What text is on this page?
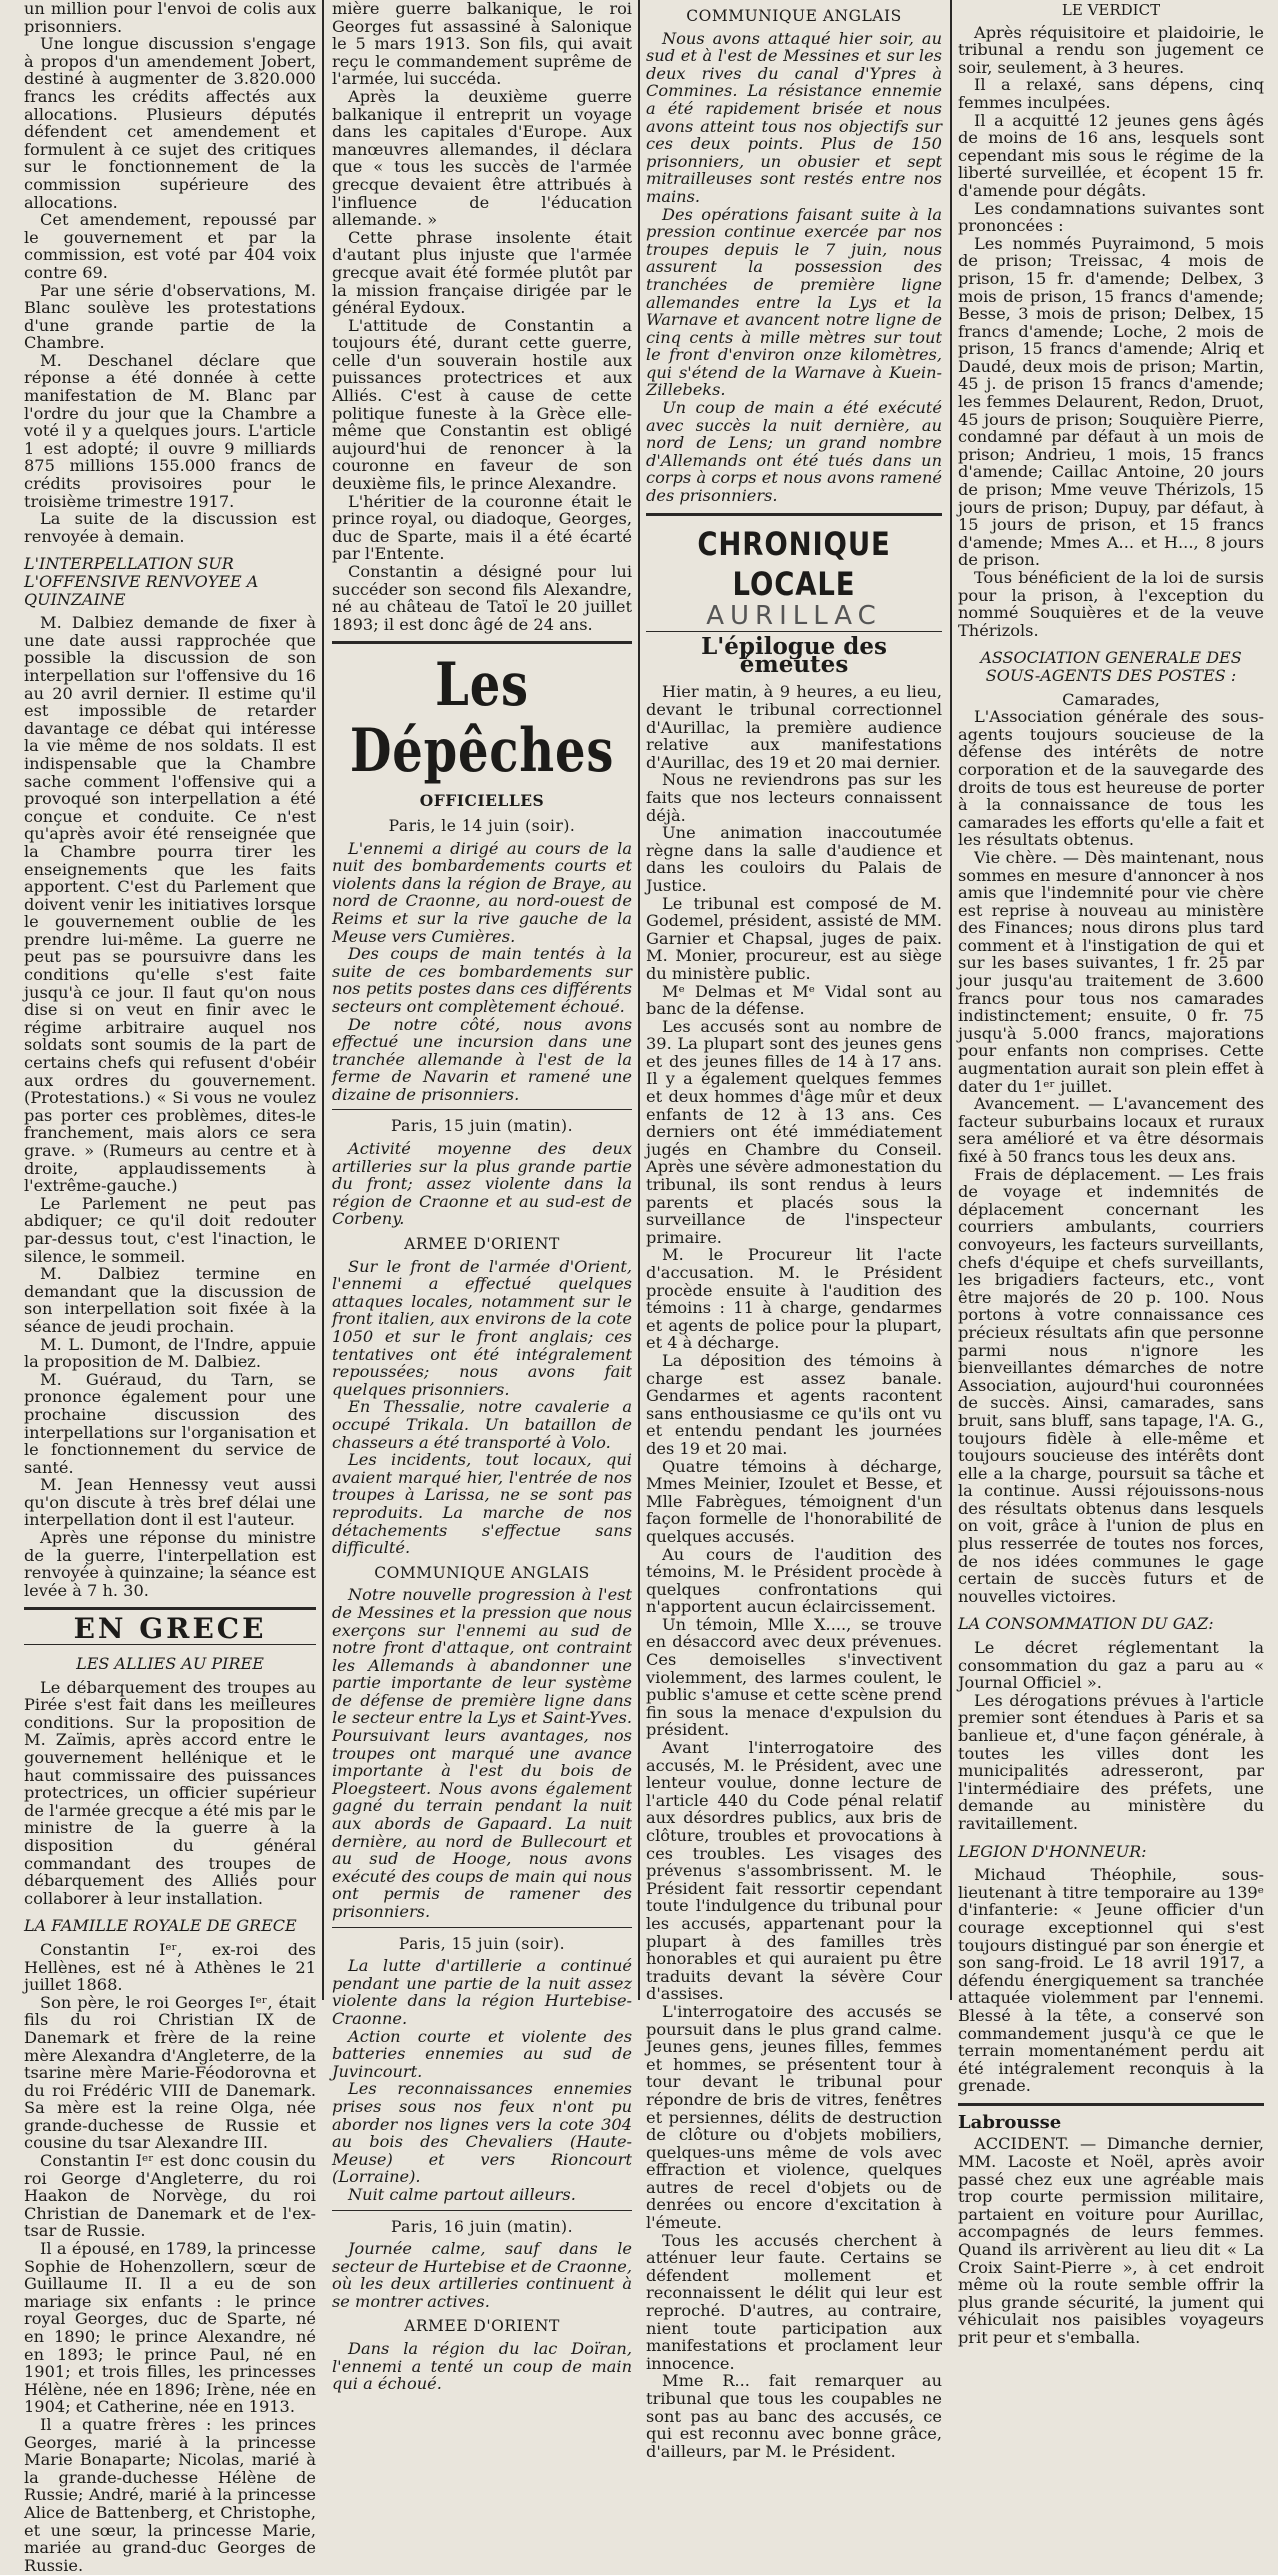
un million pour l'envoi de colis aux prisonniers.

Une longue discussion s'engage à propos d'un amendement Jobert, destiné à augmenter de 3.820.000 francs les crédits affectés aux allocations. Plusieurs députés défendent cet amendement et formulent à ce sujet des critiques sur le fonctionnement de la commission supérieure des allocations.

Cet amendement, repoussé par le gouvernement et par la commission, est voté par 404 voix contre 69.

Par une série d'observations, M. Blanc soulève les protestations d'une grande partie de la Chambre.

M. Deschanel déclare que réponse a été donnée à cette manifestation de M. Blanc par l'ordre du jour que la Chambre a voté il y a quelques jours. L'article 1 est adopté; il ouvre 9 milliards 875 millions 155.000 francs de crédits provisoires pour le troisième trimestre 1917.

La suite de la discussion est renvoyée à demain.

L'INTERPELLATION SUR L'OFFENSIVE RENVOYEE A QUINZAINE

M. Dalbiez demande de fixer à une date aussi rapprochée que possible la discussion de son interpellation sur l'offensive du 16 au 20 avril dernier. Il estime qu'il est impossible de retarder davantage ce débat qui intéresse la vie même de nos soldats. Il est indispensable que la Chambre sache comment l'offensive qui a provoqué son interpellation a été conçue et conduite. Ce n'est qu'après avoir été renseignée que la Chambre pourra tirer les enseignements que les faits apportent. C'est du Parlement que doivent venir les initiatives lorsque le gouvernement oublie de les prendre lui-même. La guerre ne peut pas se poursuivre dans les conditions qu'elle s'est faite jusqu'à ce jour. Il faut qu'on nous dise si on veut en finir avec le régime arbitraire auquel nos soldats sont soumis de la part de certains chefs qui refusent d'obéir aux ordres du gouvernement. (Protestations.) « Si vous ne voulez pas porter ces problèmes, dites-le franchement, mais alors ce sera grave. » (Rumeurs au centre et à droite, applaudissements à l'extrême-gauche.)

Le Parlement ne peut pas abdiquer; ce qu'il doit redouter par-dessus tout, c'est l'inaction, le silence, le sommeil.

M. Dalbiez termine en demandant que la discussion de son interpellation soit fixée à la séance de jeudi prochain.

M. L. Dumont, de l'Indre, appuie la proposition de M. Dalbiez.

M. Guéraud, du Tarn, se prononce également pour une prochaine discussion des interpellations sur l'organisation et le fonctionnement du service de santé.

M. Jean Hennessy veut aussi qu'on discute à très bref délai une interpellation dont il est l'auteur.

Après une réponse du ministre de la guerre, l'interpellation est renvoyée à quinzaine; la séance est levée à 7 h. 30.

EN GRECE
LES ALLIES AU PIREE

Le débarquement des troupes au Pirée s'est fait dans les meilleures conditions. Sur la proposition de M. Zaïmis, après accord entre le gouvernement hellénique et le haut commissaire des puissances protectrices, un officier supérieur de l'armée grecque a été mis par le ministre de la guerre à la disposition du général commandant des troupes de débarquement des Alliés pour collaborer à leur installation.

LA FAMILLE ROYALE DE GRECE

Constantin Iᵉʳ, ex-roi des Hellènes, est né à Athènes le 21 juillet 1868.

Son père, le roi Georges Iᵉʳ, était fils du roi Christian IX de Danemark et frère de la reine mère Alexandra d'Angleterre, de la tsarine mère Marie-Féodorovna et du roi Frédéric VIII de Danemark. Sa mère est la reine Olga, née grande-duchesse de Russie et cousine du tsar Alexandre III.

Constantin Iᵉʳ est donc cousin du roi George d'Angleterre, du roi Haakon de Norvège, du roi Christian de Danemark et de l'ex-tsar de Russie.

Il a épousé, en 1789, la princesse Sophie de Hohenzollern, sœur de Guillaume II. Il a eu de son mariage six enfants : le prince royal Georges, duc de Sparte, né en 1890; le prince Alexandre, né en 1893; le prince Paul, né en 1901; et trois filles, les princesses Hélène, née en 1896; Irène, née en 1904; et Catherine, née en 1913.

Il a quatre frères : les princes Georges, marié à la princesse Marie Bonaparte; Nicolas, marié à la grande-duchesse Hélène de Russie; André, marié à la princesse Alice de Battenberg, et Christophe, et une sœur, la princesse Marie, mariée au grand-duc Georges de Russie.

mière guerre balkanique, le roi Georges fut assassiné à Salonique le 5 mars 1913. Son fils, qui avait reçu le commandement suprême de l'armée, lui succéda.

Après la deuxième guerre balkanique il entreprit un voyage dans les capitales d'Europe. Aux manœuvres allemandes, il déclara que « tous les succès de l'armée grecque devaient être attribués à l'influence de l'éducation allemande. »

Cette phrase insolente était d'autant plus injuste que l'armée grecque avait été formée plutôt par la mission française dirigée par le général Eydoux.

L'attitude de Constantin a toujours été, durant cette guerre, celle d'un souverain hostile aux puissances protectrices et aux Alliés. C'est à cause de cette politique funeste à la Grèce elle-même que Constantin est obligé aujourd'hui de renoncer à la couronne en faveur de son deuxième fils, le prince Alexandre.

L'héritier de la couronne était le prince royal, ou diadoque, Georges, duc de Sparte, mais il a été écarté par l'Entente.

Constantin a désigné pour lui succéder son second fils Alexandre, né au château de Tatoï le 20 juillet 1893; il est donc âgé de 24 ans.

Les Dépêches
OFFICIELLES
Paris, le 14 juin (soir).

L'ennemi a dirigé au cours de la nuit des bombardements courts et violents dans la région de Braye, au nord de Craonne, au nord-ouest de Reims et sur la rive gauche de la Meuse vers Cumières.

Des coups de main tentés à la suite de ces bombardements sur nos petits postes dans ces différents secteurs ont complètement échoué.

De notre côté, nous avons effectué une incursion dans une tranchée allemande à l'est de la ferme de Navarin et ramené une dizaine de prisonniers.

Paris, 15 juin (matin).

Activité moyenne des deux artilleries sur la plus grande partie du front; assez violente dans la région de Craonne et au sud-est de Corbeny.

ARMEE D'ORIENT

Sur le front de l'armée d'Orient, l'ennemi a effectué quelques attaques locales, notamment sur le front italien, aux environs de la cote 1050 et sur le front anglais; ces tentatives ont été intégralement repoussées; nous avons fait quelques prisonniers.

En Thessalie, notre cavalerie a occupé Trikala. Un bataillon de chasseurs a été transporté à Volo.

Les incidents, tout locaux, qui avaient marqué hier, l'entrée de nos troupes à Larissa, ne se sont pas reproduits. La marche de nos détachements s'effectue sans difficulté.

COMMUNIQUE ANGLAIS

Notre nouvelle progression à l'est de Messines et la pression que nous exerçons sur l'ennemi au sud de notre front d'attaque, ont contraint les Allemands à abandonner une partie importante de leur système de défense de première ligne dans le secteur entre la Lys et Saint-Yves. Poursuivant leurs avantages, nos troupes ont marqué une avance importante à l'est du bois de Ploegsteert. Nous avons également gagné du terrain pendant la nuit aux abords de Gapaard. La nuit dernière, au nord de Bullecourt et au sud de Hooge, nous avons exécuté des coups de main qui nous ont permis de ramener des prisonniers.

Paris, 15 juin (soir).

La lutte d'artillerie a continué pendant une partie de la nuit assez violente dans la région Hurtebise-Craonne.

Action courte et violente des batteries ennemies au sud de Juvincourt.

Les reconnaissances ennemies prises sous nos feux n'ont pu aborder nos lignes vers la cote 304 au bois des Chevaliers (Haute-Meuse) et vers Rioncourt (Lorraine).

Nuit calme partout ailleurs.

Paris, 16 juin (matin).

Journée calme, sauf dans le secteur de Hurtebise et de Craonne, où les deux artilleries continuent à se montrer actives.

ARMEE D'ORIENT

Dans la région du lac Doïran, l'ennemi a tenté un coup de main qui a échoué.

COMMUNIQUE ANGLAIS

Nous avons attaqué hier soir, au sud et à l'est de Messines et sur les deux rives du canal d'Ypres à Commines. La résistance ennemie a été rapidement brisée et nous avons atteint tous nos objectifs sur ces deux points. Plus de 150 prisonniers, un obusier et sept mitrailleuses sont restés entre nos mains.

Des opérations faisant suite à la pression continue exercée par nos troupes depuis le 7 juin, nous assurent la possession des tranchées de première ligne allemandes entre la Lys et la Warnave et avancent notre ligne de cinq cents à mille mètres sur tout le front d'environ onze kilomètres, qui s'étend de la Warnave à Kuein-Zillebeks.

Un coup de main a été exécuté avec succès la nuit dernière, au nord de Lens; un grand nombre d'Allemands ont été tués dans un corps à corps et nous avons ramené des prisonniers.

CHRONIQUE LOCALE
AURILLAC
L'épilogue des émeutes

Hier matin, à 9 heures, a eu lieu, devant le tribunal correctionnel d'Aurillac, la première audience relative aux manifestations d'Aurillac, des 19 et 20 mai dernier.

Nous ne reviendrons pas sur les faits que nos lecteurs connaissent déjà.

Une animation inaccoutumée règne dans la salle d'audience et dans les couloirs du Palais de Justice.

Le tribunal est composé de M. Godemel, président, assisté de MM. Garnier et Chapsal, juges de paix. M. Monier, procureur, est au siège du ministère public.

Mᵉ Delmas et Mᵉ Vidal sont au banc de la défense.

Les accusés sont au nombre de 39. La plupart sont des jeunes gens et des jeunes filles de 14 à 17 ans. Il y a également quelques femmes et deux hommes d'âge mûr et deux enfants de 12 à 13 ans. Ces derniers ont été immédiatement jugés en Chambre du Conseil. Après une sévère admonestation du tribunal, ils sont rendus à leurs parents et placés sous la surveillance de l'inspecteur primaire.

M. le Procureur lit l'acte d'accusation. M. le Président procède ensuite à l'audition des témoins : 11 à charge, gendarmes et agents de police pour la plupart, et 4 à décharge.

La déposition des témoins à charge est assez banale. Gendarmes et agents racontent sans enthousiasme ce qu'ils ont vu et entendu pendant les journées des 19 et 20 mai.

Quatre témoins à décharge, Mmes Meinier, Izoulet et Besse, et Mlle Fabrègues, témoignent d'un façon formelle de l'honorabilité de quelques accusés.

Au cours de l'audition des témoins, M. le Président procède à quelques confrontations qui n'apportent aucun éclaircissement.

Un témoin, Mlle X...., se trouve en désaccord avec deux prévenues. Ces demoiselles s'invectivent violemment, des larmes coulent, le public s'amuse et cette scène prend fin sous la menace d'expulsion du président.

Avant l'interrogatoire des accusés, M. le Président, avec une lenteur voulue, donne lecture de l'article 440 du Code pénal relatif aux désordres publics, aux bris de clôture, troubles et provocations à ces troubles. Les visages des prévenus s'assombrissent. M. le Président fait ressortir cependant toute l'indulgence du tribunal pour les accusés, appartenant pour la plupart à des familles très honorables et qui auraient pu être traduits devant la sévère Cour d'assises.

L'interrogatoire des accusés se poursuit dans le plus grand calme. Jeunes gens, jeunes filles, femmes et hommes, se présentent tour à tour devant le tribunal pour répondre de bris de vitres, fenêtres et persiennes, délits de destruction de clôture ou d'objets mobiliers, quelques-uns même de vols avec effraction et violence, quelques autres de recel d'objets ou de denrées ou encore d'excitation à l'émeute.

Tous les accusés cherchent à atténuer leur faute. Certains se défendent mollement et reconnaissent le délit qui leur est reproché. D'autres, au contraire, nient toute participation aux manifestations et proclament leur innocence.

Mme R... fait remarquer au tribunal que tous les coupables ne sont pas au banc des accusés, ce qui est reconnu avec bonne grâce, d'ailleurs, par M. le Président.

LE VERDICT

Après réquisitoire et plaidoirie, le tribunal a rendu son jugement ce soir, seulement, à 3 heures.

Il a relaxé, sans dépens, cinq femmes inculpées.

Il a acquitté 12 jeunes gens âgés de moins de 16 ans, lesquels sont cependant mis sous le régime de la liberté surveillée, et écopent 15 fr. d'amende pour dégâts.

Les condamnations suivantes sont prononcées :

Les nommés Puyraimond, 5 mois de prison; Treissac, 4 mois de prison, 15 fr. d'amende; Delbex, 3 mois de prison, 15 francs d'amende; Besse, 3 mois de prison; Delbex, 15 francs d'amende; Loche, 2 mois de prison, 15 francs d'amende; Alriq et Daudé, deux mois de prison; Martin, 45 j. de prison 15 francs d'amende; les femmes Delaurent, Redon, Druot, 45 jours de prison; Souquière Pierre, condamné par défaut à un mois de prison; Andrieu, 1 mois, 15 francs d'amende; Caillac Antoine, 20 jours de prison; Mme veuve Thérizols, 15 jours de prison; Dupuy, par défaut, à 15 jours de prison, et 15 francs d'amende; Mmes A... et H..., 8 jours de prison.

Tous bénéficient de la loi de sursis pour la prison, à l'exception du nommé Souquières et de la veuve Thérizols.

ASSOCIATION GENERALE DES SOUS-AGENTS DES POSTES :
Camarades,

L'Association générale des sous-agents toujours soucieuse de la défense des intérêts de notre corporation et de la sauvegarde des droits de tous est heureuse de porter à la connaissance de tous les camarades les efforts qu'elle a fait et les résultats obtenus.

Vie chère. — Dès maintenant, nous sommes en mesure d'annoncer à nos amis que l'indemnité pour vie chère est reprise à nouveau au ministère des Finances; nous dirons plus tard comment et à l'instigation de qui et sur les bases suivantes, 1 fr. 25 par jour jusqu'au traitement de 3.600 francs pour tous nos camarades indistinctement; ensuite, 0 fr. 75 jusqu'à 5.000 francs, majorations pour enfants non comprises. Cette augmentation aurait son plein effet à dater du 1ᵉʳ juillet.

Avancement. — L'avancement des facteur suburbains locaux et ruraux sera amélioré et va être désormais fixé à 50 francs tous les deux ans.

Frais de déplacement. — Les frais de voyage et indemnités de déplacement concernant les courriers ambulants, courriers convoyeurs, les facteurs surveillants, chefs d'équipe et chefs surveillants, les brigadiers facteurs, etc., vont être majorés de 20 p. 100. Nous portons à votre connaissance ces précieux résultats afin que personne parmi nous n'ignore les bienveillantes démarches de notre Association, aujourd'hui couronnées de succès. Ainsi, camarades, sans bruit, sans bluff, sans tapage, l'A. G., toujours fidèle à elle-même et toujours soucieuse des intérêts dont elle a la charge, poursuit sa tâche et la continue. Aussi réjouissons-nous des résultats obtenus dans lesquels on voit, grâce à l'union de plus en plus resserrée de toutes nos forces, de nos idées communes le gage certain de succès futurs et de nouvelles victoires.

LA CONSOMMATION DU GAZ:

Le décret réglementant la consommation du gaz a paru au « Journal Officiel ».

Les dérogations prévues à l'article premier sont étendues à Paris et sa banlieue et, d'une façon générale, à toutes les villes dont les municipalités adresseront, par l'intermédiaire des préfets, une demande au ministère du ravitaillement.

LEGION D'HONNEUR:

Michaud Théophile, sous-lieutenant à titre temporaire au 139ᵉ d'infanterie: « Jeune officier d'un courage exceptionnel qui s'est toujours distingué par son énergie et son sang-froid. Le 18 avril 1917, a défendu énergiquement sa tranchée attaquée violemment par l'ennemi. Blessé à la tête, a conservé son commandement jusqu'à ce que le terrain momentanément perdu ait été intégralement reconquis à la grenade.

Labrousse

ACCIDENT. — Dimanche dernier, MM. Lacoste et Noël, après avoir passé chez eux une agréable mais trop courte permission militaire, partaient en voiture pour Aurillac, accompagnés de leurs femmes. Quand ils arrivèrent au lieu dit « La Croix Saint-Pierre », à cet endroit même où la route semble offrir la plus grande sécurité, la jument qui véhiculait nos paisibles voyageurs prit peur et s'emballa.
